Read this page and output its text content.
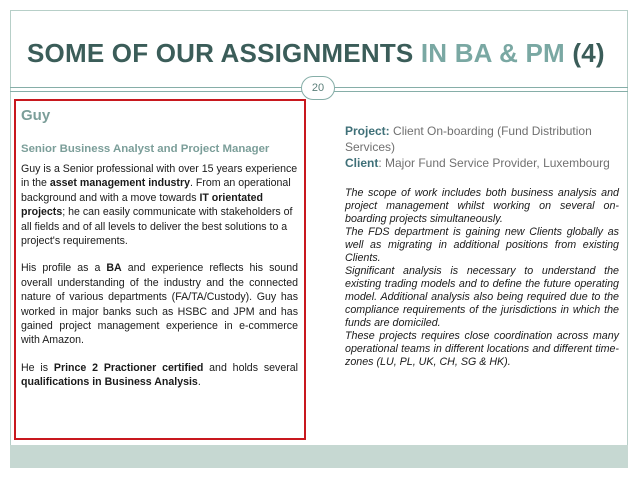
SOME OF OUR ASSIGNMENTS IN BA & PM (4)
20
Guy
Senior Business Analyst and Project Manager

Guy is a Senior professional with over 15 years experience in the asset management industry. From an operational background and with a move towards IT orientated projects; he can easily communicate with stakeholders of all fields and of all levels to deliver the best solutions to a project's requirements.

His profile as a BA and experience reflects his sound overall understanding of the industry and the connected nature of various departments (FA/TA/Custody). Guy has worked in major banks such as HSBC and JPM and has gained project management experience in e-commerce with Amazon.

He is Prince 2 Practioner certified and holds several qualifications in Business Analysis.

Project: Client On-boarding (Fund Distribution Services)

Client: Major Fund Service Provider, Luxembourg

The scope of work includes both business analysis and project management whilst working on several on-boarding projects simultaneously.
The FDS department is gaining new Clients globally as well as migrating in additional positions from existing Clients.
Significant analysis is necessary to understand the existing trading models and to define the future operating model. Additional analysis also being required due to the compliance requirements of the jurisdictions in which the funds are domiciled.
These projects requires close coordination across many operational teams in different locations and different time-zones (LU, PL, UK, CH, SG & HK).
